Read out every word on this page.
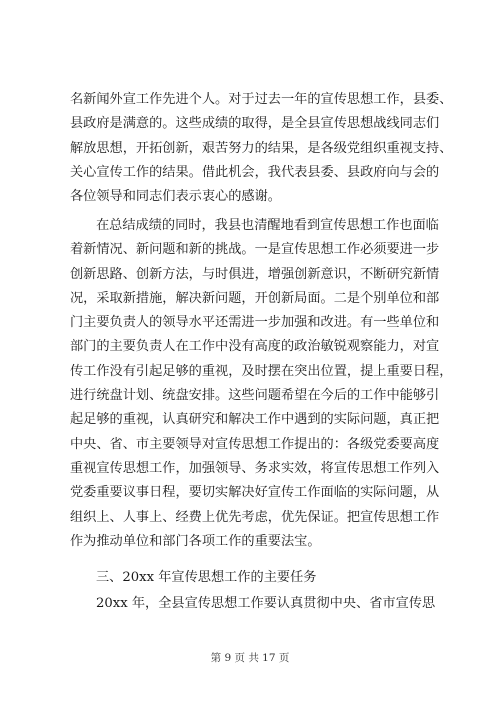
名新闻外宣工作先进个人。对于过去一年的宣传思想工作，县委、
县政府是满意的。这些成绩的取得，是全县宣传思想战线同志们
解放思想，开拓创新，艰苦努力的结果，是各级党组织重视支持、
关心宣传工作的结果。借此机会，我代表县委、县政府向与会的
各位领导和同志们表示衷心的感谢。
在总结成绩的同时，我县也清醒地看到宣传思想工作也面临
着新情况、新问题和新的挑战。一是宣传思想工作必须要进一步
创新思路、创新方法，与时俱进，增强创新意识，不断研究新情
况，采取新措施，解决新问题，开创新局面。二是个别单位和部
门主要负责人的领导水平还需进一步加强和改进。有一些单位和
部门的主要负责人在工作中没有高度的政治敏锐观察能力，对宣
传工作没有引起足够的重视，及时摆在突出位置，提上重要日程，
进行统盘计划、统盘安排。这些问题希望在今后的工作中能够引
起足够的重视，认真研究和解决工作中遇到的实际问题，真正把
中央、省、市主要领导对宣传思想工作提出的：各级党委要高度
重视宣传思想工作，加强领导、务求实效，将宣传思想工作列入
党委重要议事日程，要切实解决好宣传工作面临的实际问题，从
组织上、人事上、经费上优先考虑，优先保证。把宣传思想工作
作为推动单位和部门各项工作的重要法宝。
三、20xx 年宣传思想工作的主要任务
20xx 年，全县宣传思想工作要认真贯彻中央、省市宣传思
第 9 页 共 17 页
